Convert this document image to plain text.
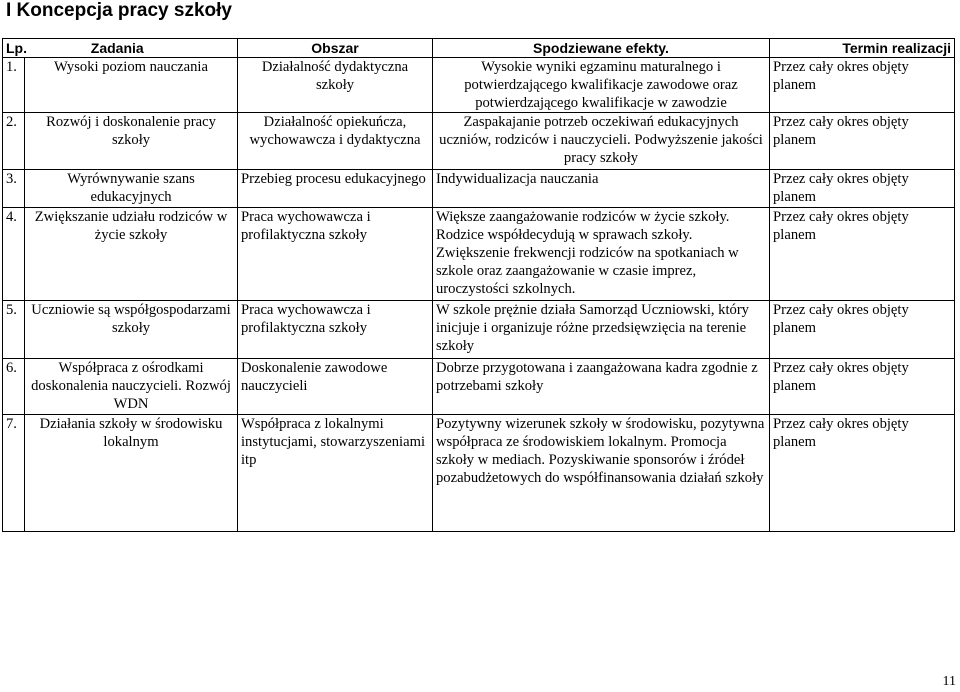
I Koncepcja pracy szkoły
Lp. Zadania		Obszar	Spodziewane efekty.	Termin realizacji
1.	Wysoki poziom nauczania	Działalność dydaktyczna szkoły	Wysokie wyniki egzaminu maturalnego i potwierdzającego kwalifikacje zawodowe oraz potwierdzającego kwalifikacje w zawodzie	Przez cały okres objęty planem
2.	Rozwój i doskonalenie pracy szkoły	Działalność opiekuńcza, wychowawcza i dydaktyczna	Zaspakajanie potrzeb oczekiwań edukacyjnych uczniów, rodziców i nauczycieli. Podwyższenie jakości pracy szkoły	Przez cały okres objęty planem
3.	Wyrównywanie szans edukacyjnych	Przebieg procesu edukacyjnego	Indywidualizacja nauczania	Przez cały okres objęty planem
4.	Zwiększanie udziału rodziców w życie szkoły	Praca wychowawcza i profilaktyczna szkoły	Większe zaangażowanie rodziców w życie szkoły. Rodzice współdecydują w sprawach szkoły. Zwiększenie frekwencji rodziców na spotkaniach w szkole oraz zaangażowanie w czasie imprez, uroczystości szkolnych.	Przez cały okres objęty planem
5.	Uczniowie są współgospodarzami szkoły	Praca wychowawcza i profilaktyczna szkoły	W szkole prężnie działa Samorząd Uczniowski, który inicjuje i organizuje różne przedsięwzięcia na terenie szkoły	Przez cały okres objęty planem
6.	Współpraca z ośrodkami doskonalenia nauczycieli. Rozwój WDN	Doskonalenie zawodowe nauczycieli	Dobrze przygotowana i zaangażowana kadra zgodnie z potrzebami szkoły	Przez cały okres objęty planem
7.	Działania szkoły w środowisku lokalnym	Współpraca z lokalnymi instytucjami, stowarzyszeniami itp	Pozytywny wizerunek szkoły w środowisku, pozytywna współpraca ze środowiskiem lokalnym. Promocja szkoły w mediach. Pozyskiwanie sponsorów i źródeł pozabudżetowych do współfinansowania działań szkoły	Przez cały okres objęty planem
11
